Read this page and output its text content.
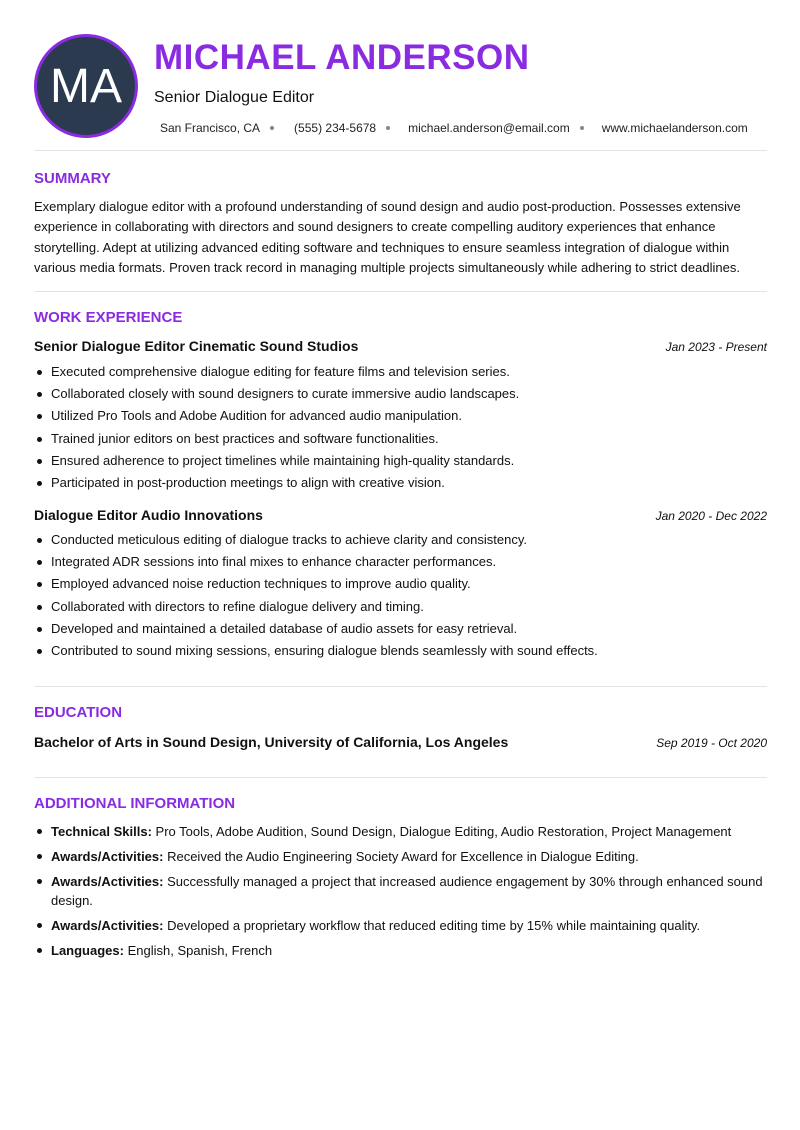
MA
MICHAEL ANDERSON
Senior Dialogue Editor
San Francisco, CA	(555) 234-5678	michael.anderson@email.com	www.michaelanderson.com
SUMMARY
Exemplary dialogue editor with a profound understanding of sound design and audio post-production. Possesses extensive experience in collaborating with directors and sound designers to create compelling auditory experiences that enhance storytelling. Adept at utilizing advanced editing software and techniques to ensure seamless integration of dialogue within various media formats. Proven track record in managing multiple projects simultaneously while adhering to strict deadlines.
WORK EXPERIENCE
Senior Dialogue Editor Cinematic Sound Studios	Jan 2023 - Present
Executed comprehensive dialogue editing for feature films and television series.
Collaborated closely with sound designers to curate immersive audio landscapes.
Utilized Pro Tools and Adobe Audition for advanced audio manipulation.
Trained junior editors on best practices and software functionalities.
Ensured adherence to project timelines while maintaining high-quality standards.
Participated in post-production meetings to align with creative vision.
Dialogue Editor Audio Innovations	Jan 2020 - Dec 2022
Conducted meticulous editing of dialogue tracks to achieve clarity and consistency.
Integrated ADR sessions into final mixes to enhance character performances.
Employed advanced noise reduction techniques to improve audio quality.
Collaborated with directors to refine dialogue delivery and timing.
Developed and maintained a detailed database of audio assets for easy retrieval.
Contributed to sound mixing sessions, ensuring dialogue blends seamlessly with sound effects.
EDUCATION
Bachelor of Arts in Sound Design, University of California, Los Angeles	Sep 2019 - Oct 2020
ADDITIONAL INFORMATION
Technical Skills: Pro Tools, Adobe Audition, Sound Design, Dialogue Editing, Audio Restoration, Project Management
Awards/Activities: Received the Audio Engineering Society Award for Excellence in Dialogue Editing.
Awards/Activities: Successfully managed a project that increased audience engagement by 30% through enhanced sound design.
Awards/Activities: Developed a proprietary workflow that reduced editing time by 15% while maintaining quality.
Languages: English, Spanish, French
